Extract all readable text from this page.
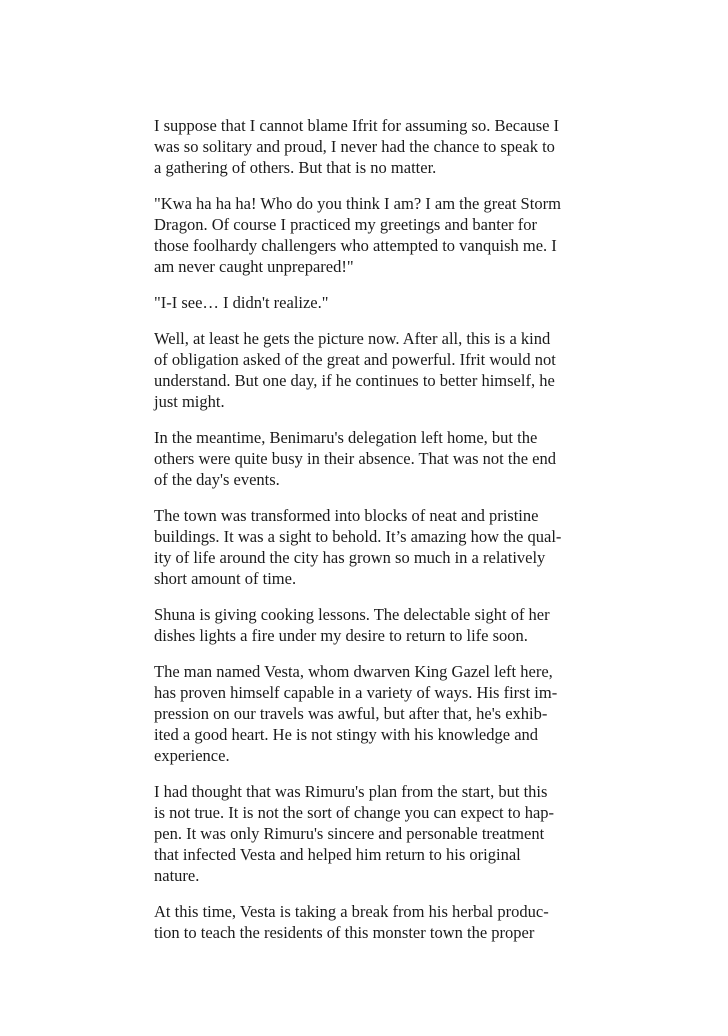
I suppose that I cannot blame Ifrit for assuming so. Because I
was so solitary and proud, I never had the chance to speak to
a gathering of others. But that is no matter.

"Kwa ha ha ha! Who do you think I am? I am the great Storm
Dragon. Of course I practiced my greetings and banter for
those foolhardy challengers who attempted to vanquish me. I
am never caught unprepared!"

"I-I see… I didn't realize."

Well, at least he gets the picture now. After all, this is a kind
of obligation asked of the great and powerful. Ifrit would not
understand. But one day, if he continues to better himself, he
just might.

In the meantime, Benimaru's delegation left home, but the
others were quite busy in their absence. That was not the end
of the day's events.

The town was transformed into blocks of neat and pristine
buildings. It was a sight to behold. It’s amazing how the qual-
ity of life around the city has grown so much in a relatively
short amount of time.

Shuna is giving cooking lessons. The delectable sight of her
dishes lights a fire under my desire to return to life soon.

The man named Vesta, whom dwarven King Gazel left here,
has proven himself capable in a variety of ways. His first im-
pression on our travels was awful, but after that, he's exhib-
ited a good heart. He is not stingy with his knowledge and
experience.

I had thought that was Rimuru's plan from the start, but this
is not true. It is not the sort of change you can expect to hap-
pen. It was only Rimuru's sincere and personable treatment
that infected Vesta and helped him return to his original
nature.

At this time, Vesta is taking a break from his herbal produc-
tion to teach the residents of this monster town the proper
